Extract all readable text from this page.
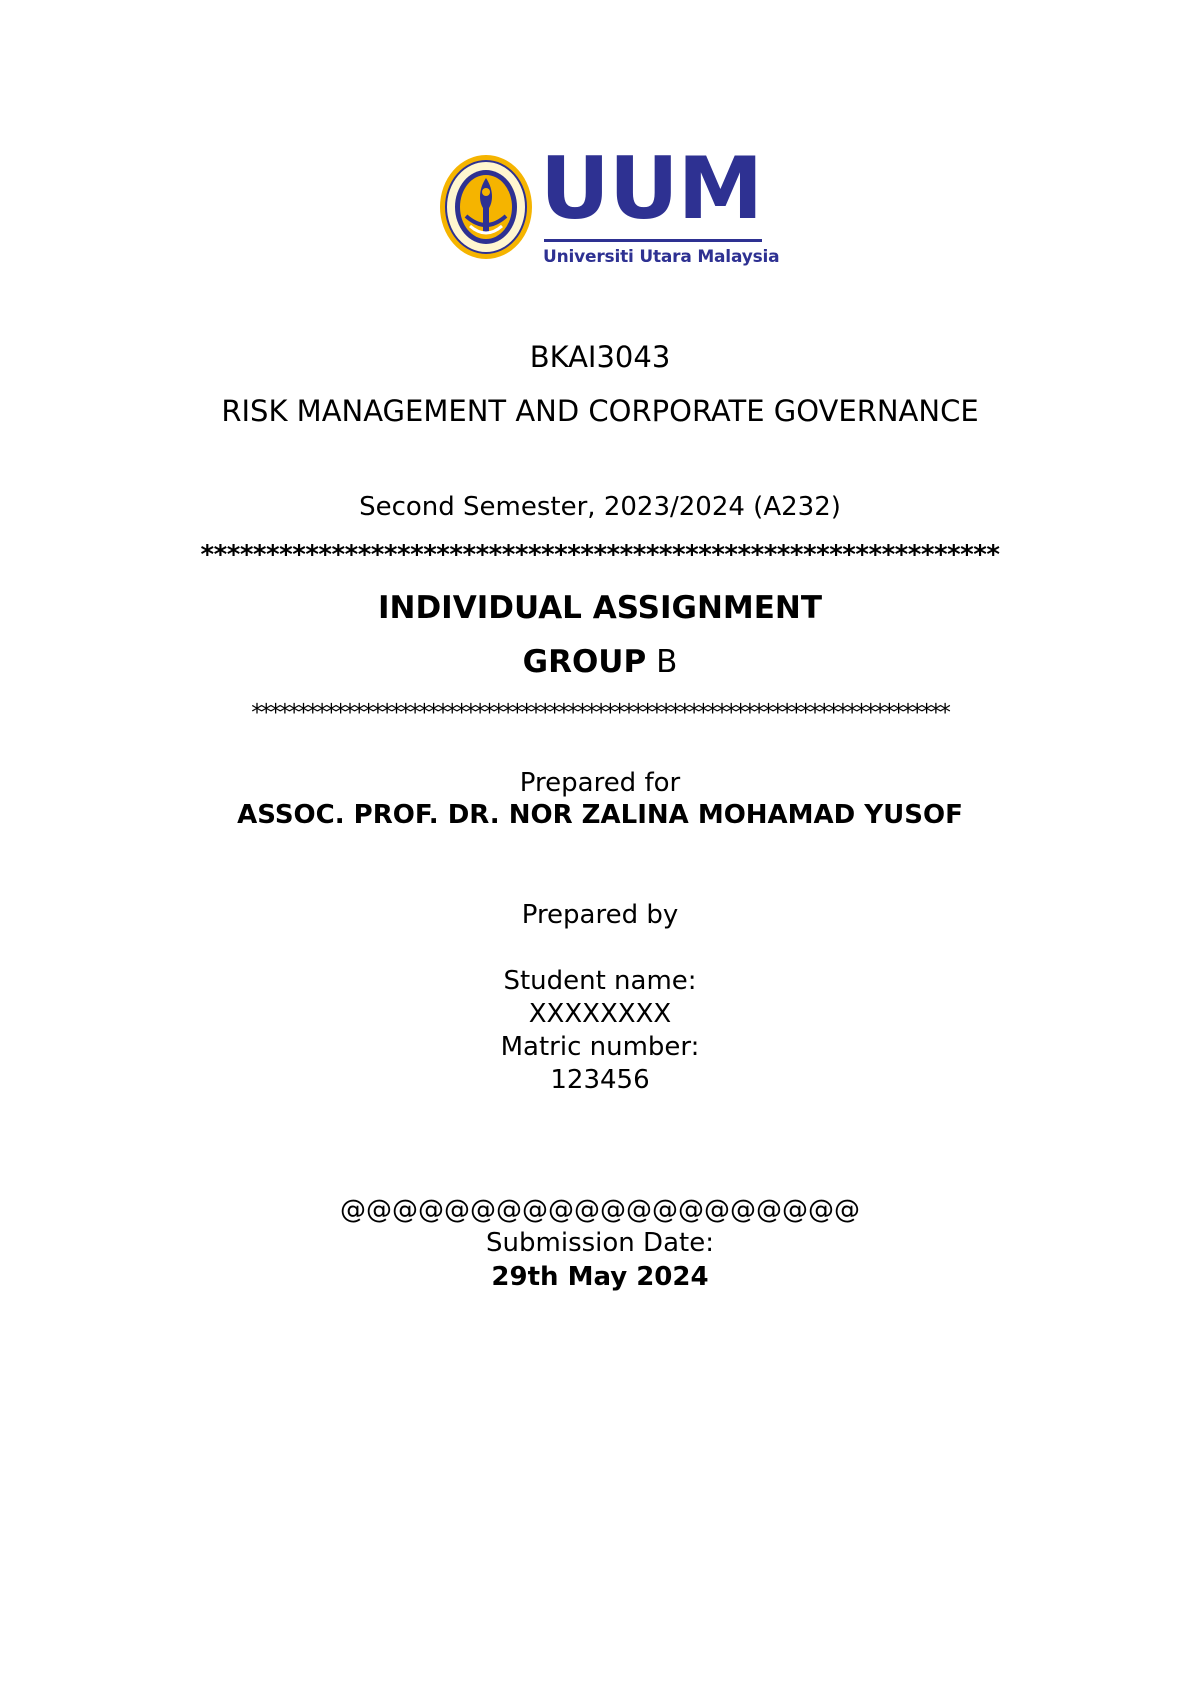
UUM
Universiti Utara Malaysia
BKAI3043
RISK MANAGEMENT AND CORPORATE GOVERNANCE
Second Semester, 2023/2024 (A232)
*************************************************************
INDIVIDUAL ASSIGNMENT
GROUP B
***************************************************************************
Prepared for
ASSOC. PROF. DR. NOR ZALINA MOHAMAD YUSOF
Prepared by
Student name:
XXXXXXXX
Matric number:
123456
@@@@@@@@@@@@@@@@@@@@
Submission Date:
29th May 2024
